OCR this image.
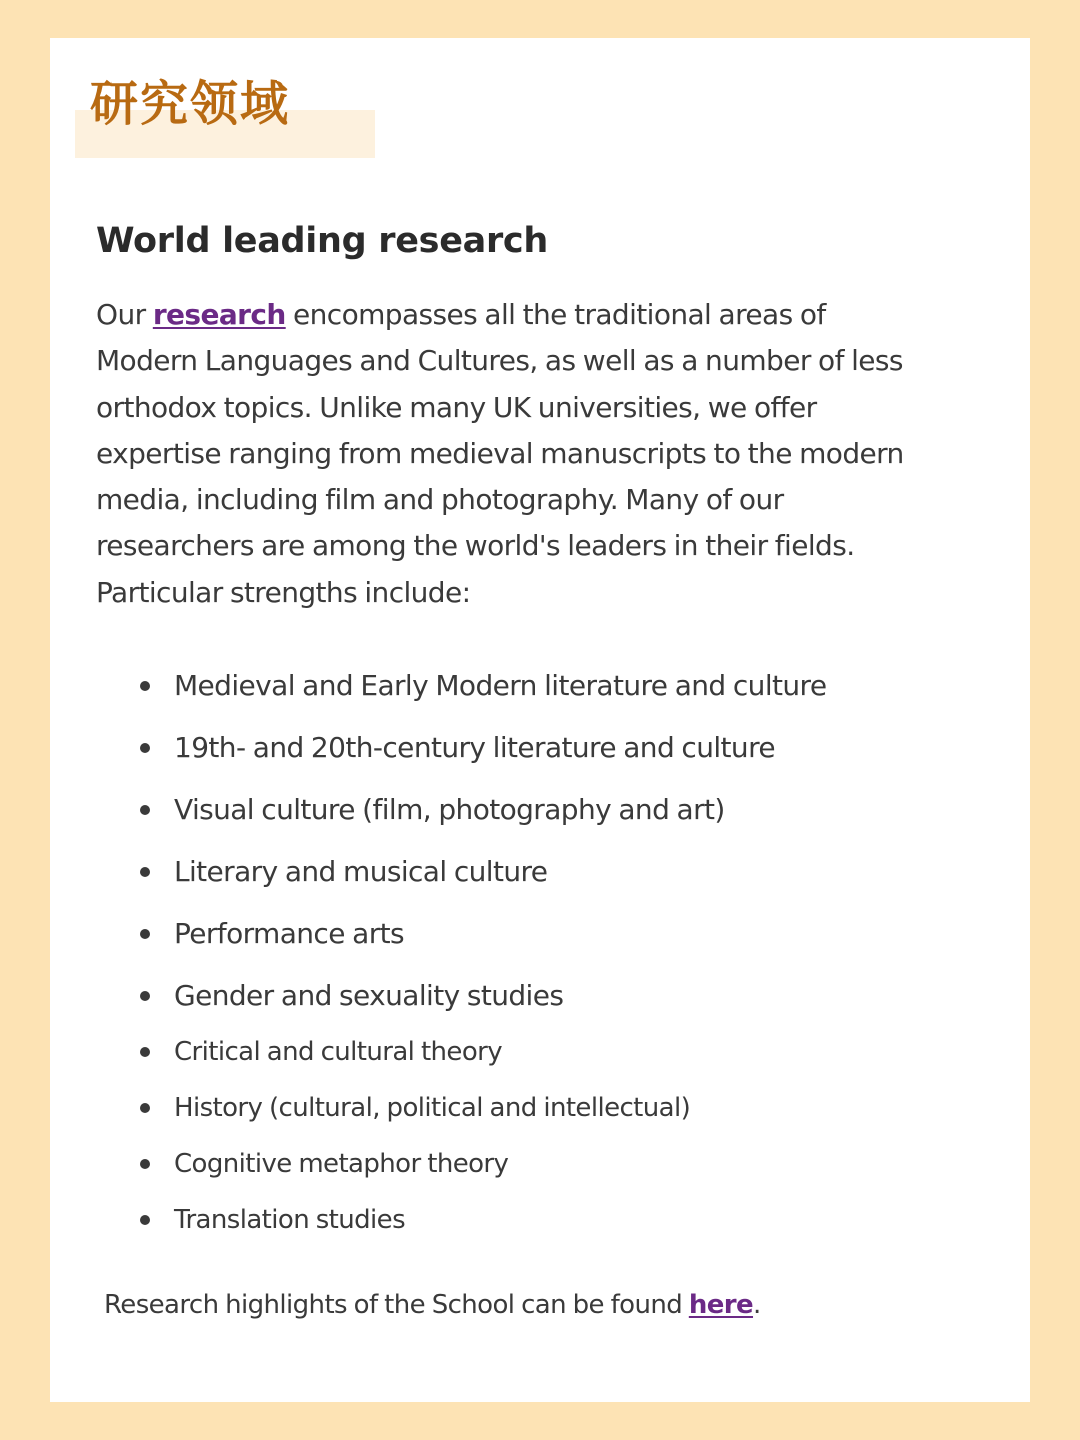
研究领域
World leading research

Our research encompasses all the traditional areas of
Modern Languages and Cultures, as well as a number of less
orthodox topics. Unlike many UK universities, we offer
expertise ranging from medieval manuscripts to the modern
media, including film and photography. Many of our
researchers are among the world's leaders in their fields.
Particular strengths include:

Medieval and Early Modern literature and culture
19th- and 20th-century literature and culture
Visual culture (film, photography and art)
Literary and musical culture
Performance arts
Gender and sexuality studies
Critical and cultural theory
History (cultural, political and intellectual)
Cognitive metaphor theory
Translation studies

Research highlights of the School can be found here.
